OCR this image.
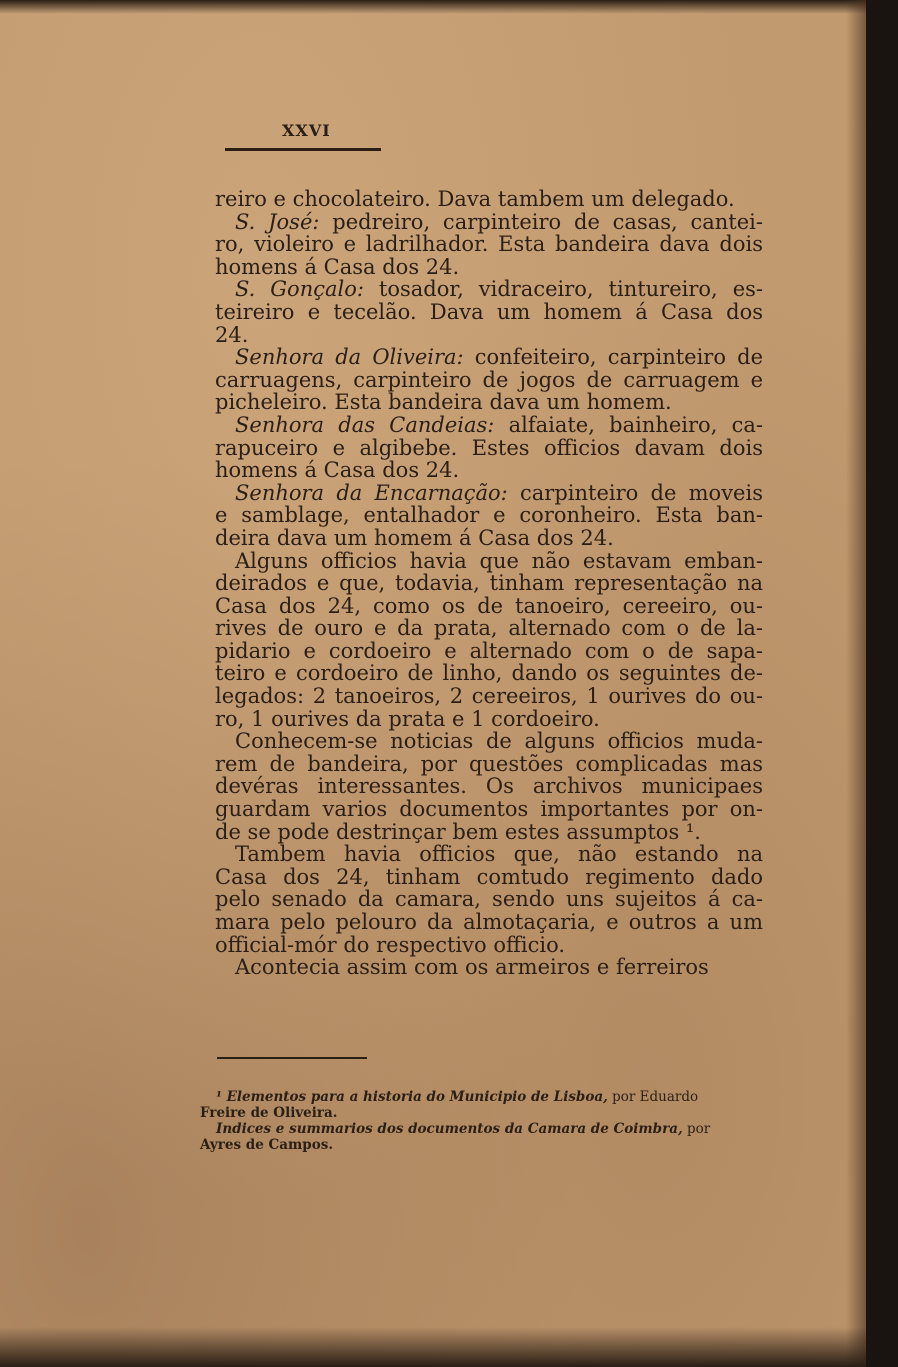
XXVI
reiro e chocolateiro. Dava tambem um delegado.
S. José: pedreiro, carpinteiro de casas, cantei-
ro, violeiro e ladrilhador. Esta bandeira dava dois
homens á Casa dos 24.
S. Gonçalo: tosador, vidraceiro, tintureiro, es-
teireiro e tecelão. Dava um homem á Casa dos
24.
Senhora da Oliveira: confeiteiro, carpinteiro de
carruagens, carpinteiro de jogos de carruagem e
picheleiro. Esta bandeira dava um homem.
Senhora das Candeias: alfaiate, bainheiro, ca-
rapuceiro e algibebe. Estes officios davam dois
homens á Casa dos 24.
Senhora da Encarnação: carpinteiro de moveis
e samblage, entalhador e coronheiro. Esta ban-
deira dava um homem á Casa dos 24.
Alguns officios havia que não estavam emban-
deirados e que, todavia, tinham representação na
Casa dos 24, como os de tanoeiro, cereeiro, ou-
rives de ouro e da prata, alternado com o de la-
pidario e cordoeiro e alternado com o de sapa-
teiro e cordoeiro de linho, dando os seguintes de-
legados: 2 tanoeiros, 2 cereeiros, 1 ourives do ou-
ro, 1 ourives da prata e 1 cordoeiro.
Conhecem-se noticias de alguns officios muda-
rem de bandeira, por questões complicadas mas
devéras interessantes. Os archivos municipaes
guardam varios documentos importantes por on-
de se pode destrinçar bem estes assumptos ¹.
Tambem havia officios que, não estando na
Casa dos 24, tinham comtudo regimento dado
pelo senado da camara, sendo uns sujeitos á ca-
mara pelo pelouro da almotaçaria, e outros a um
official-mór do respectivo officio.
Acontecia assim com os armeiros e ferreiros
¹ Elementos para a historia do Municipio de Lisboa, por Eduardo
Freire de Oliveira.
Indices e summarios dos documentos da Camara de Coimbra, por
Ayres de Campos.
